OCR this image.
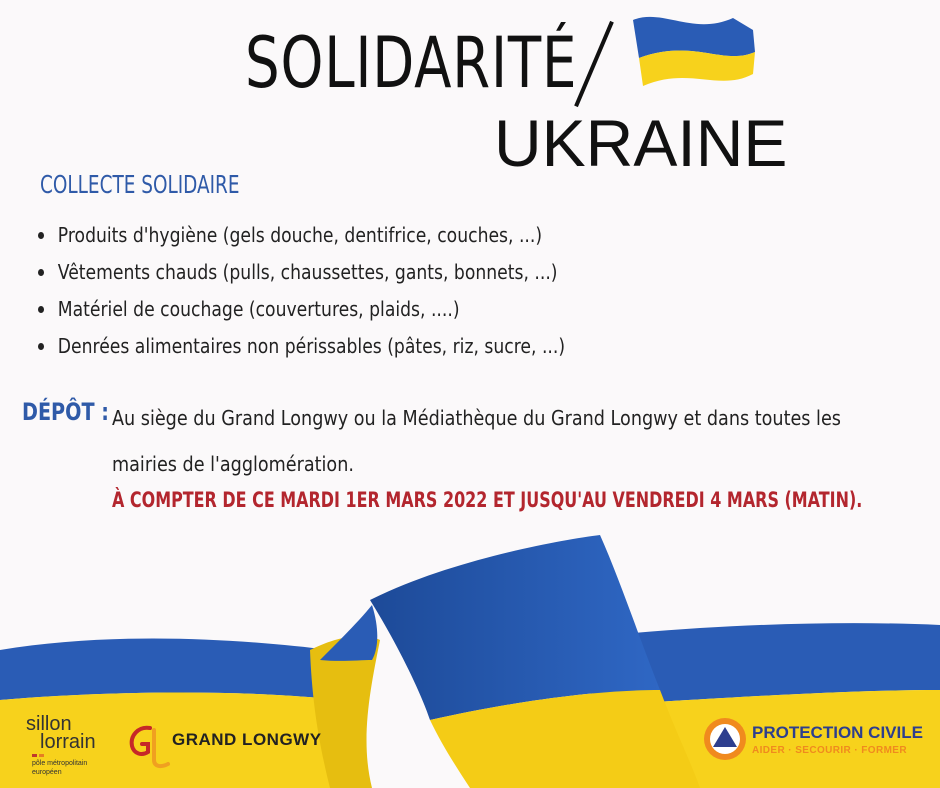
SOLIDARITÉ
UKRAINE
COLLECTE SOLIDAIRE
Produits d'hygiène (gels douche, dentifrice, couches, ...)
Vêtements chauds (pulls, chaussettes, gants, bonnets, ...)
Matériel de couchage (couvertures, plaids, ....)
Denrées alimentaires non périssables (pâtes, riz, sucre, ...)
DÉPÔT : Au siège du Grand Longwy ou la Médiathèque du Grand Longwy et dans toutes les mairies de l'agglomération.
À COMPTER DE CE MARDI 1ER MARS 2022 ET JUSQU'AU VENDREDI 4 MARS (MATIN).
sillon
lorrain
pôle métropolitain
européen
GRAND LONGWY	PROTECTION CIVILE
AIDER · SECOURIR · FORMER
